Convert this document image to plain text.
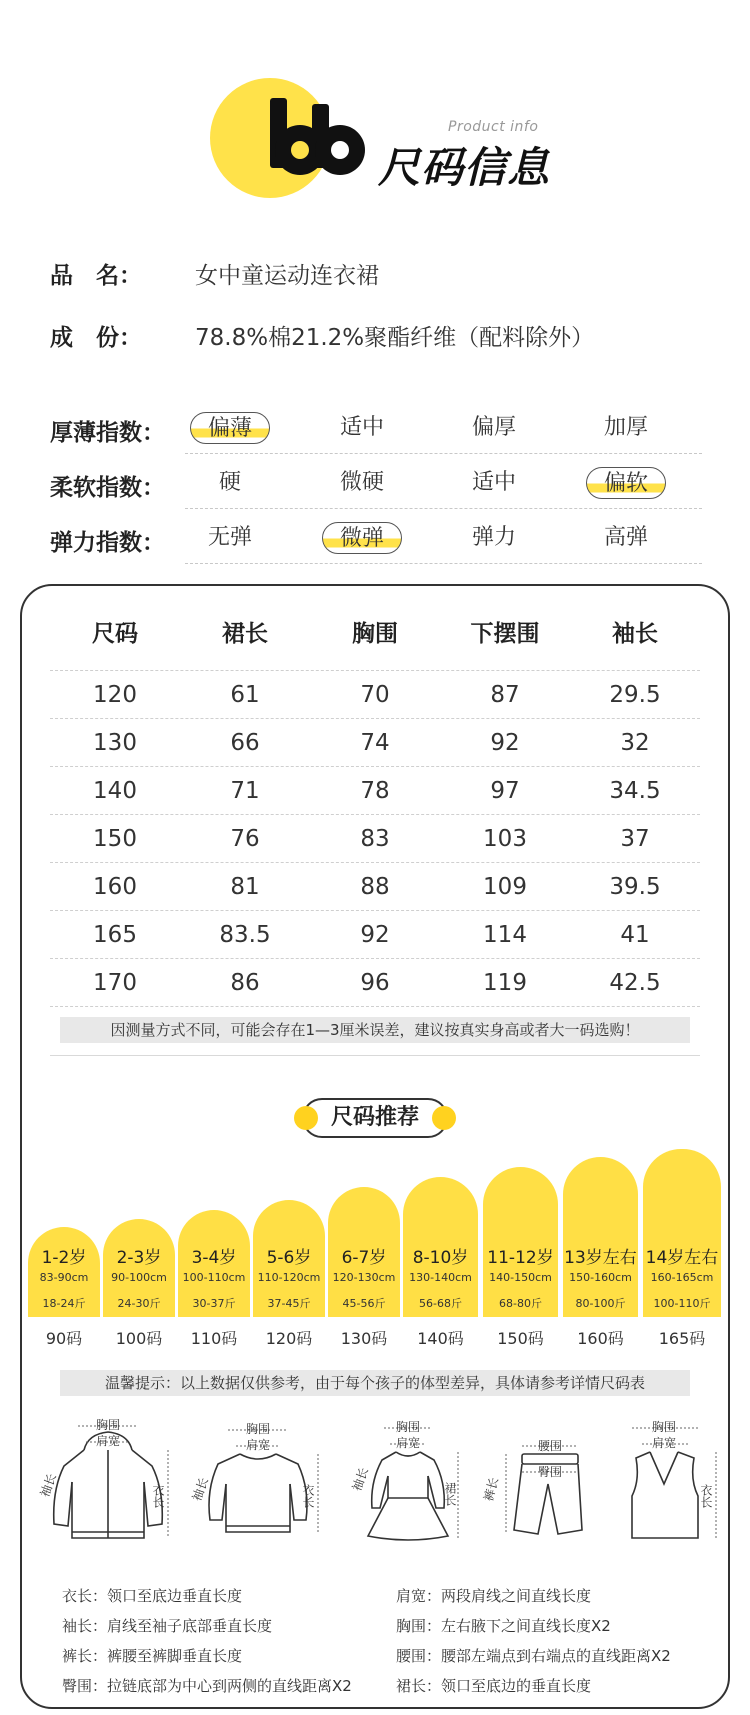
Product info
尺码信息
品　名：	女中童运动连衣裙
成　份：	78.8%棉21.2%聚酯纤维（配料除外）
厚薄指数：	偏薄	适中	偏厚	加厚
柔软指数：	硬	微硬	适中	偏软
弹力指数：	无弹	微弹	弹力	高弹
尺码	裙长	胸围	下摆围	袖长
120	61	70	87	29.5
130	66	74	92	32
140	71	78	97	34.5
150	76	83	103	37
160	81	88	109	39.5
165	83.5	92	114	41
170	86	96	119	42.5
因测量方式不同，可能会存在1—3厘米误差，建议按真实身高或者大一码选购！
尺码推荐
1-2岁
83-90cm
18-24斤
90码
2-3岁
90-100cm
24-30斤
100码
3-4岁
100-110cm
30-37斤
110码
5-6岁
110-120cm
37-45斤
120码
6-7岁
120-130cm
45-56斤
130码
8-10岁
130-140cm
56-68斤
140码
11-12岁
140-150cm
68-80斤
150码
13岁左右
150-160cm
80-100斤
160码
14岁左右
160-165cm
100-110斤
165码
温馨提示：以上数据仅供参考，由于每个孩子的体型差异，具体请参考详情尺码表
胸围
肩宽
袖长	衣长
胸围
肩宽
袖长	衣长
胸围
肩宽
袖长
裙长
腰围
臀围
裤长
胸围
肩宽
衣长
衣长：领口至底边垂直长度	肩宽：两段肩线之间直线长度
袖长：肩线至袖子底部垂直长度	胸围：左右腋下之间直线长度X2
裤长：裤腰至裤脚垂直长度	腰围：腰部左端点到右端点的直线距离X2
臀围：拉链底部为中心到两侧的直线距离X2	裙长：领口至底边的垂直长度
